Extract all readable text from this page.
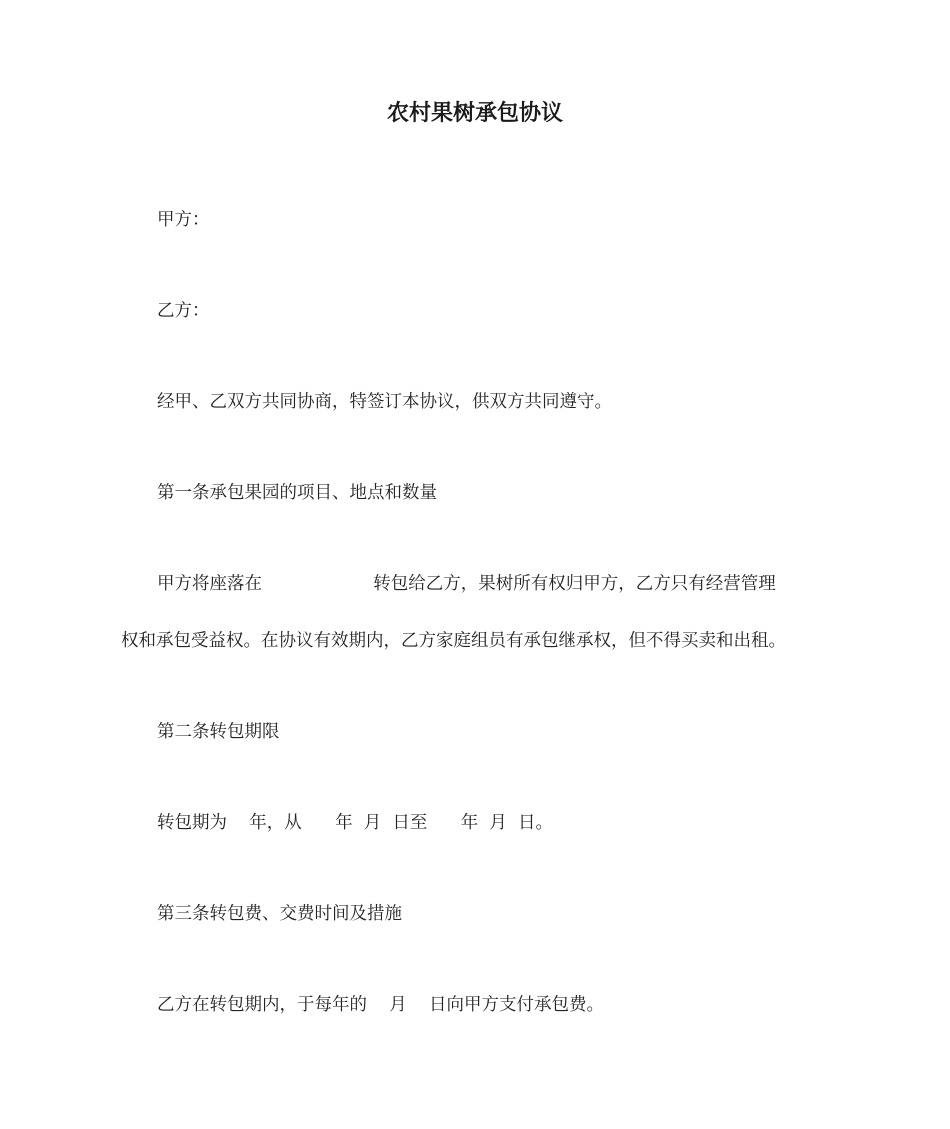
农村果树承包协议
甲方：
乙方：
经甲、乙双方共同协商，特签订本协议，供双方共同遵守。
第一条承包果园的项目、地点和数量
甲方将座落在                    转包给乙方，果树所有权归甲方，乙方只有经营管理
权和承包受益权。在协议有效期内，乙方家庭组员有承包继承权，但不得买卖和出租。
第二条转包期限
转包期为    年，从      年  月  日至      年  月  日。
第三条转包费、交费时间及措施
乙方在转包期内，于每年的    月    日向甲方支付承包费。
